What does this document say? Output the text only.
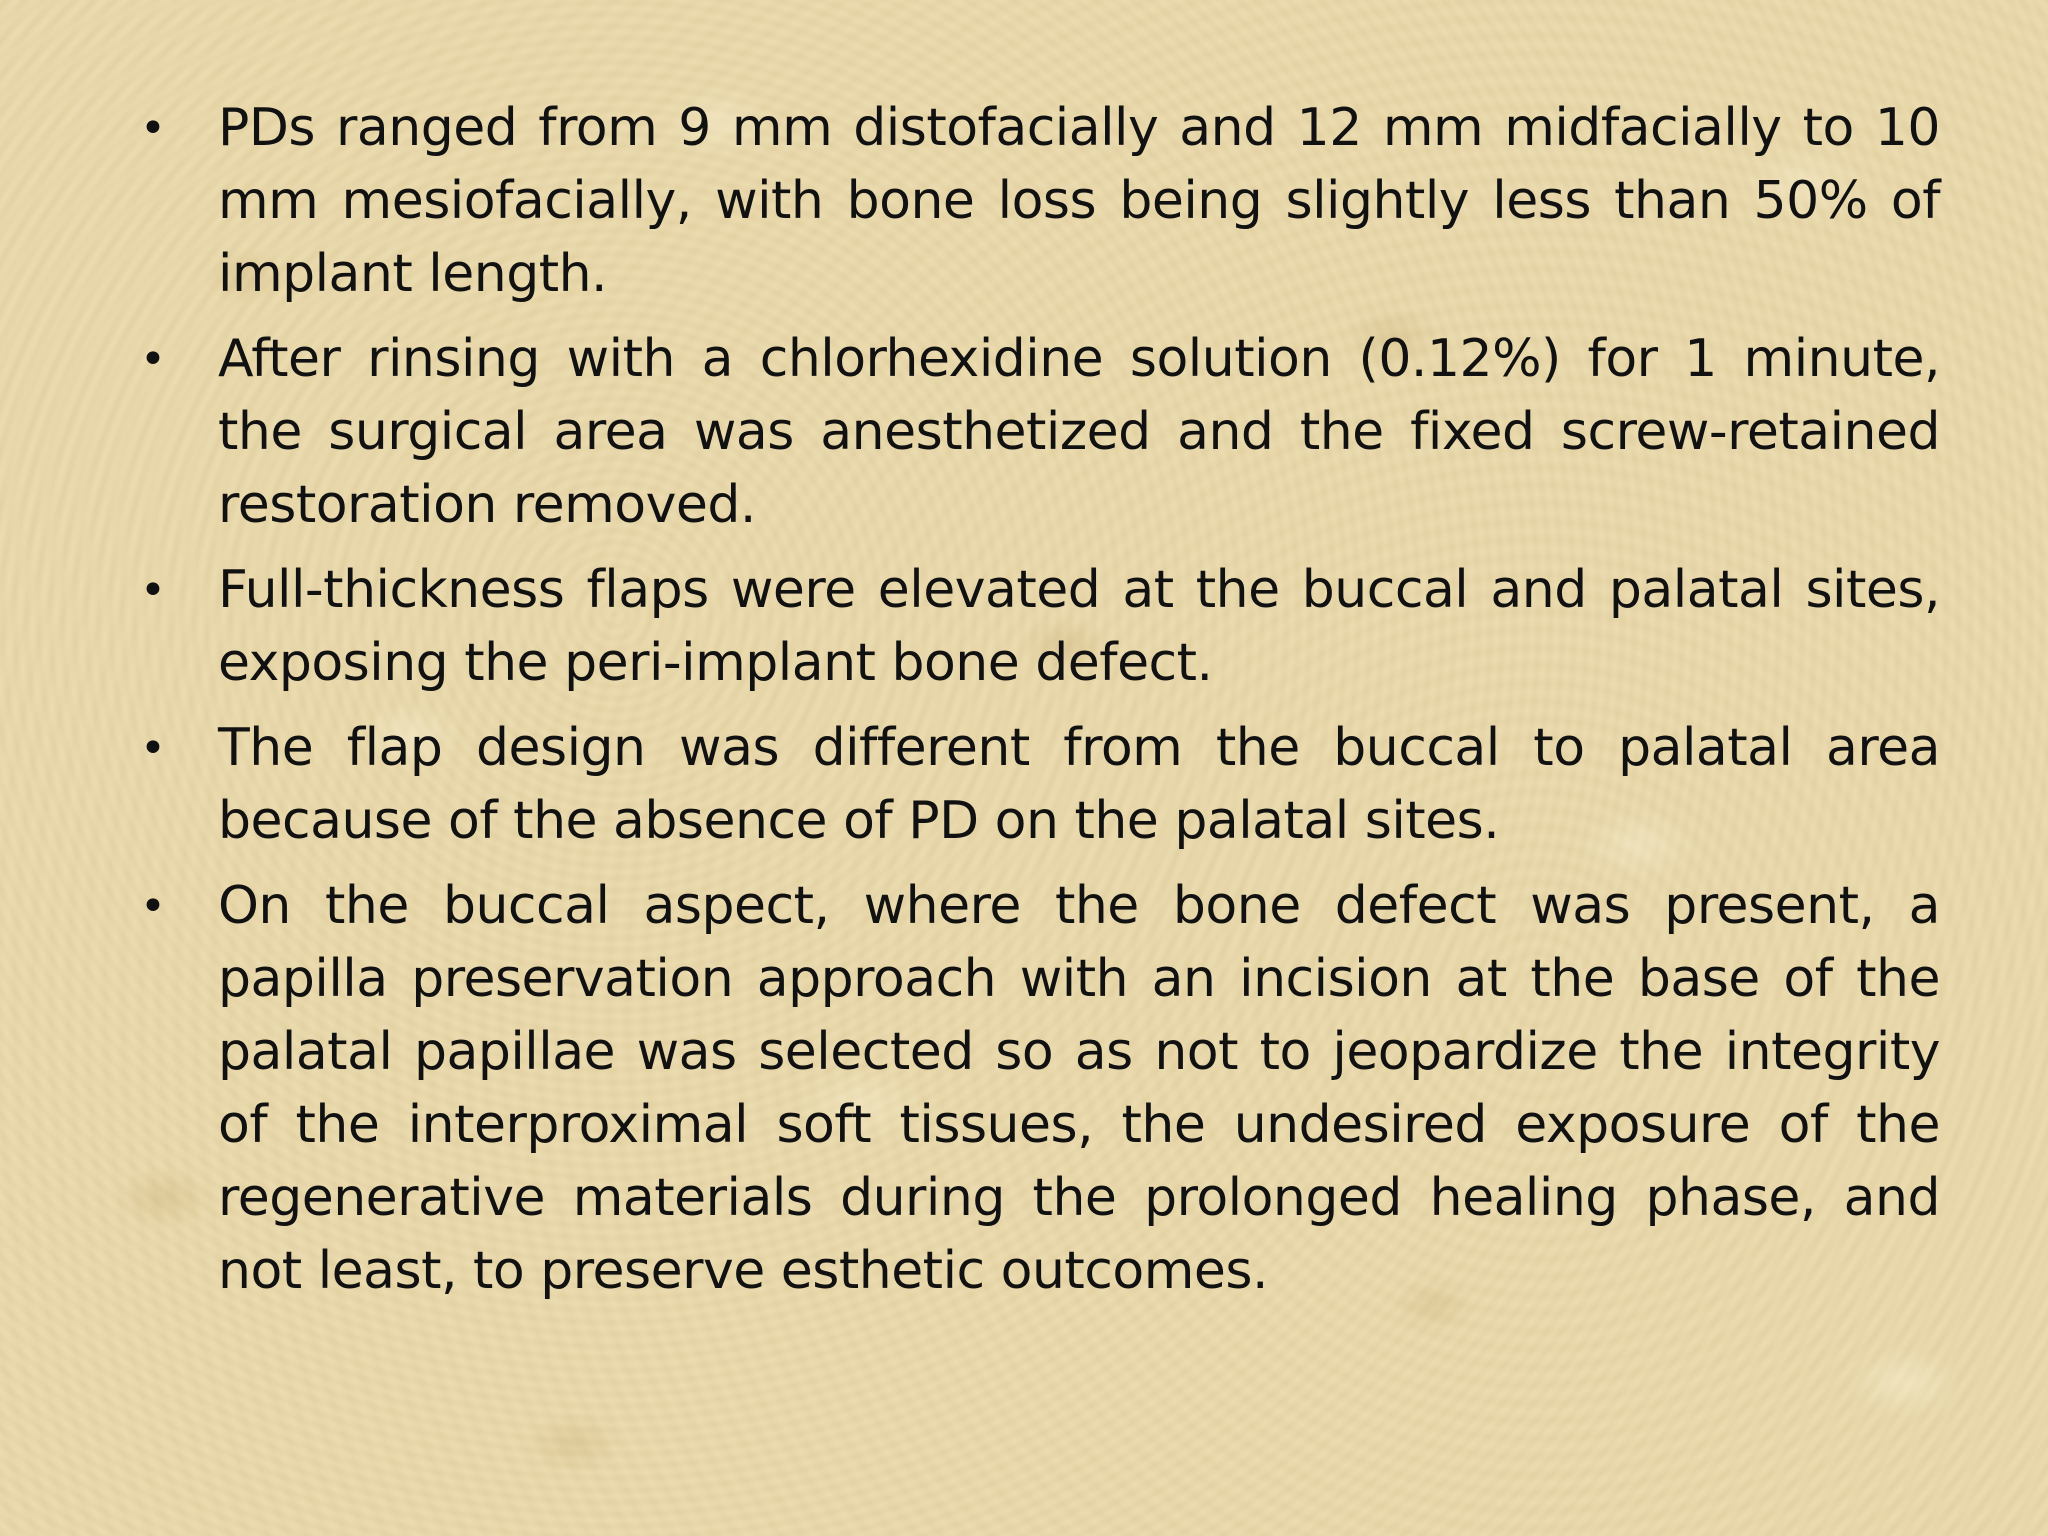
• PDs ranged from 9 mm distofacially and 12 mm midfacially to 10 mm mesiofacially, with bone loss being slightly less than 50% of implant length.
• After rinsing with a chlorhexidine solution (0.12%) for 1 minute, the surgical area was anesthetized and the fixed screw-retained restoration removed.
• Full-thickness flaps were elevated at the buccal and palatal sites, exposing the peri-implant bone defect.
• The flap design was different from the buccal to palatal area because of the absence of PD on the palatal sites.
• On the buccal aspect, where the bone defect was present, a papilla preservation approach with an incision at the base of the palatal papillae was selected so as not to jeopardize the integrity of the interproximal soft tissues, the undesired exposure of the regenerative materials during the prolonged healing phase, and not least, to preserve esthetic outcomes.
